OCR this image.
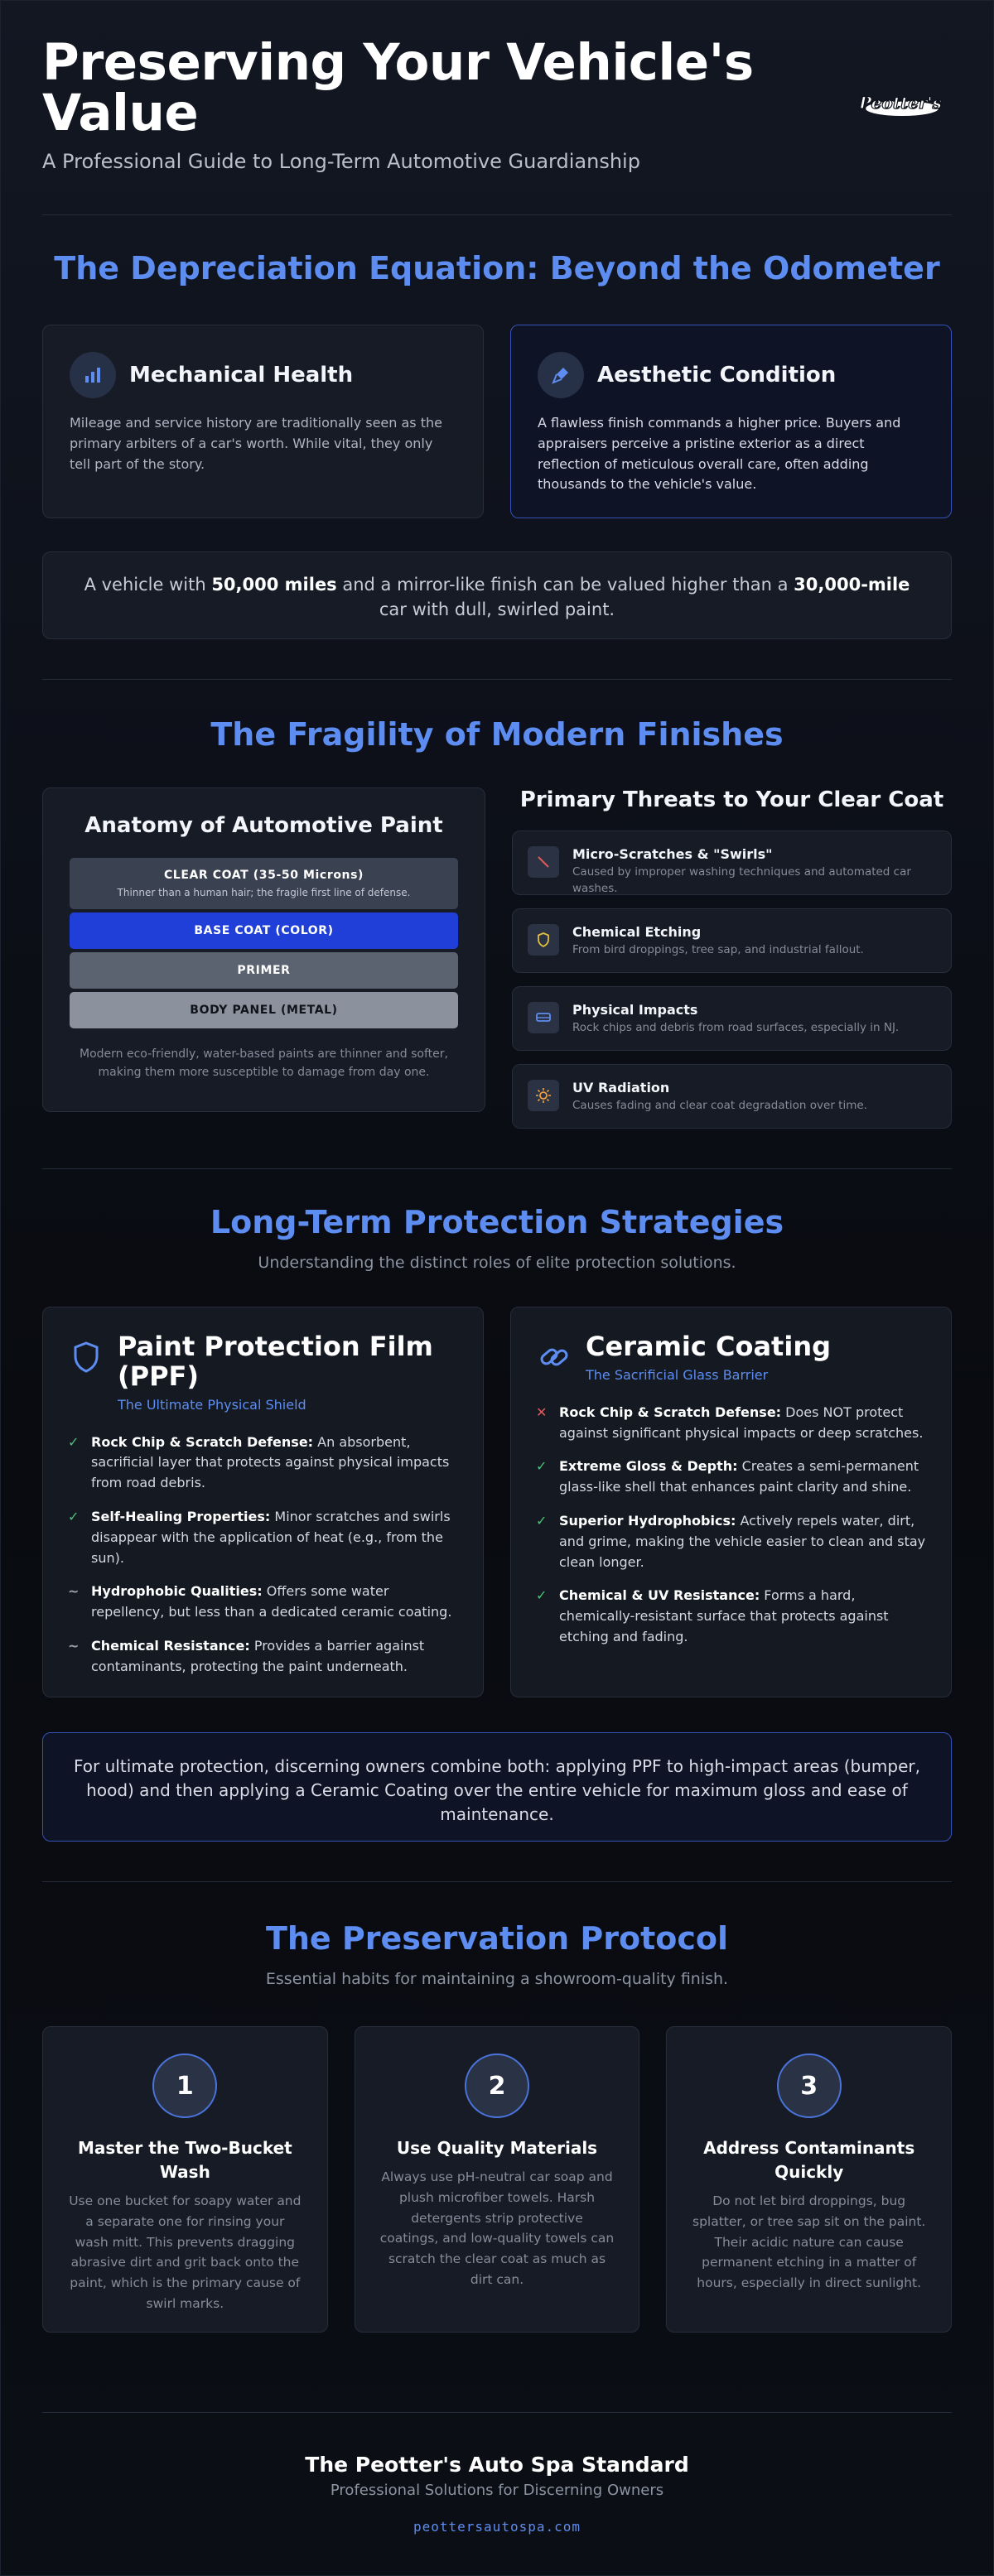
Preserving Your Vehicle's Value
A Professional Guide to Long-Term Automotive Guardianship
Peotter's
The Depreciation Equation: Beyond the Odometer
Mechanical Health

Mileage and service history are traditionally seen as the primary arbiters of a car's worth. While vital, they only tell part of the story.

Aesthetic Condition

A flawless finish commands a higher price. Buyers and appraisers perceive a pristine exterior as a direct reflection of meticulous overall care, often adding thousands to the vehicle's value.

A vehicle with 50,000 miles and a mirror-like finish can be valued higher than a 30,000-mile car with dull, swirled paint.
The Fragility of Modern Finishes
Anatomy of Automotive Paint
CLEAR COAT (35-50 Microns)
Thinner than a human hair; the fragile first line of defense.
BASE COAT (COLOR)
PRIMER
BODY PANEL (METAL)

Modern eco-friendly, water-based paints are thinner and softer, making them more susceptible to damage from day one.

Primary Threats to Your Clear Coat
Micro-Scratches & "Swirls"
Caused by improper washing techniques and automated car washes.
Chemical Etching
From bird droppings, tree sap, and industrial fallout.
Physical Impacts
Rock chips and debris from road surfaces, especially in NJ.
UV Radiation
Causes fading and clear coat degradation over time.
Long-Term Protection Strategies
Understanding the distinct roles of elite protection solutions.
Paint Protection Film (PPF)
The Ultimate Physical Shield
✓ Rock Chip & Scratch Defense: An absorbent, sacrificial layer that protects against physical impacts from road debris.
✓ Self-Healing Properties: Minor scratches and swirls disappear with the application of heat (e.g., from the sun).
~ Hydrophobic Qualities: Offers some water repellency, but less than a dedicated ceramic coating.
~ Chemical Resistance: Provides a barrier against contaminants, protecting the paint underneath.
Ceramic Coating
The Sacrificial Glass Barrier
✕ Rock Chip & Scratch Defense: Does NOT protect against significant physical impacts or deep scratches.
✓ Extreme Gloss & Depth: Creates a semi-permanent glass-like shell that enhances paint clarity and shine.
✓ Superior Hydrophobics: Actively repels water, dirt, and grime, making the vehicle easier to clean and stay clean longer.
✓ Chemical & UV Resistance: Forms a hard, chemically-resistant surface that protects against etching and fading.
For ultimate protection, discerning owners combine both: applying PPF to high-impact areas (bumper, hood) and then applying a Ceramic Coating over the entire vehicle for maximum gloss and ease of maintenance.
The Preservation Protocol
Essential habits for maintaining a showroom-quality finish.
1
Master the Two-Bucket Wash

Use one bucket for soapy water and a separate one for rinsing your wash mitt. This prevents dragging abrasive dirt and grit back onto the paint, which is the primary cause of swirl marks.

2
Use Quality Materials

Always use pH-neutral car soap and plush microfiber towels. Harsh detergents strip protective coatings, and low-quality towels can scratch the clear coat as much as dirt can.

3
Address Contaminants Quickly

Do not let bird droppings, bug splatter, or tree sap sit on the paint. Their acidic nature can cause permanent etching in a matter of hours, especially in direct sunlight.

The Peotter's Auto Spa Standard
Professional Solutions for Discerning Owners
peottersautospa.com
